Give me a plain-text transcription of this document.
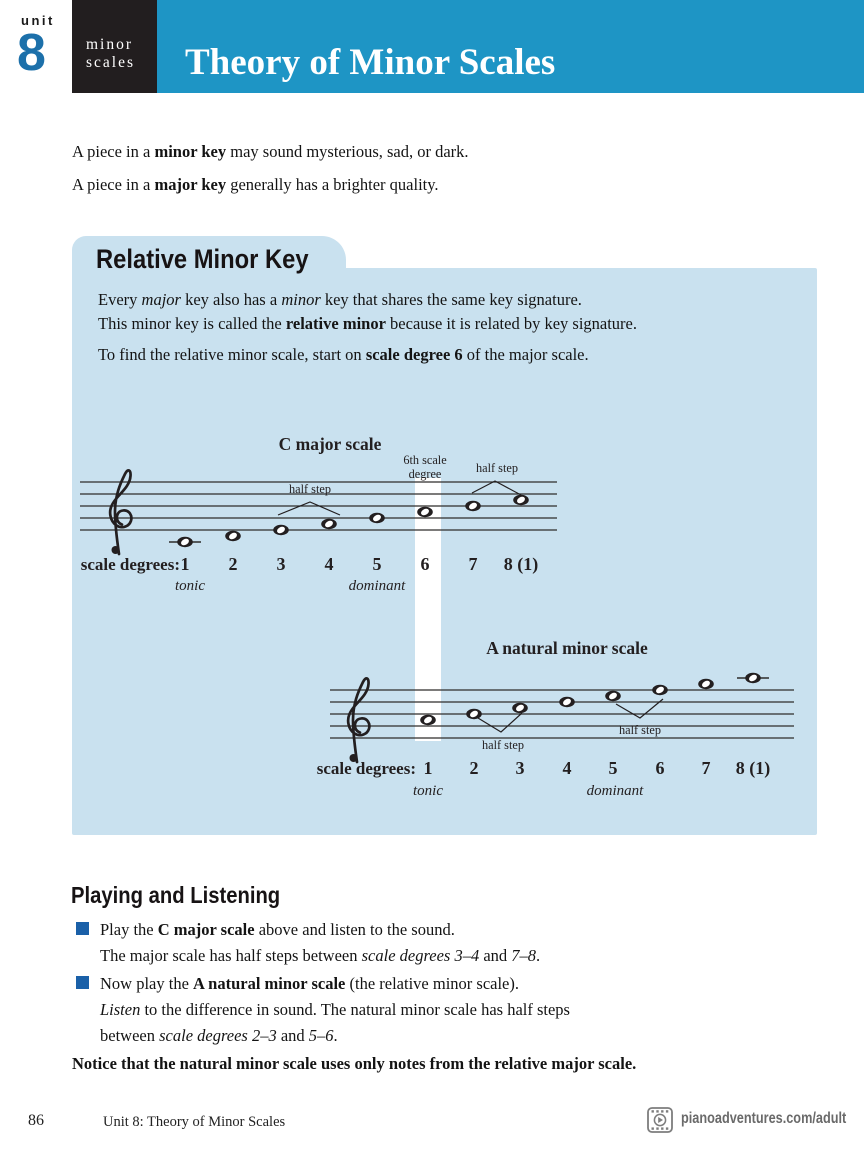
unit
8	minor
scales Theory of Minor Scales
A piece in a minor key may sound mysterious, sad, or dark.
A piece in a major key generally has a brighter quality.
Relative Minor Key
Every major key also has a minor key that shares the same key signature.
This minor key is called the relative minor because it is related by key signature.
To find the relative minor scale, start on scale degree 6 of the major scale.
C major scale
half step
6th scale
degree	half step
scale degrees: 1 2 3 4 5 6 7 8 (1)
tonic	dominant
A natural minor scale
half step
half step
scale degrees: 1 2 3 4 5 6 7 8 (1)
tonic	dominant
Playing and Listening
Play the C major scale above and listen to the sound.
The major scale has half steps between scale degrees 3–4 and 7–8.
Now play the A natural minor scale (the relative minor scale).
Listen to the difference in sound. The natural minor scale has half steps
between scale degrees 2–3 and 5–6.
Notice that the natural minor scale uses only notes from the relative major scale.
86	Unit 8: Theory of Minor Scales	pianoadventures.com/adult
